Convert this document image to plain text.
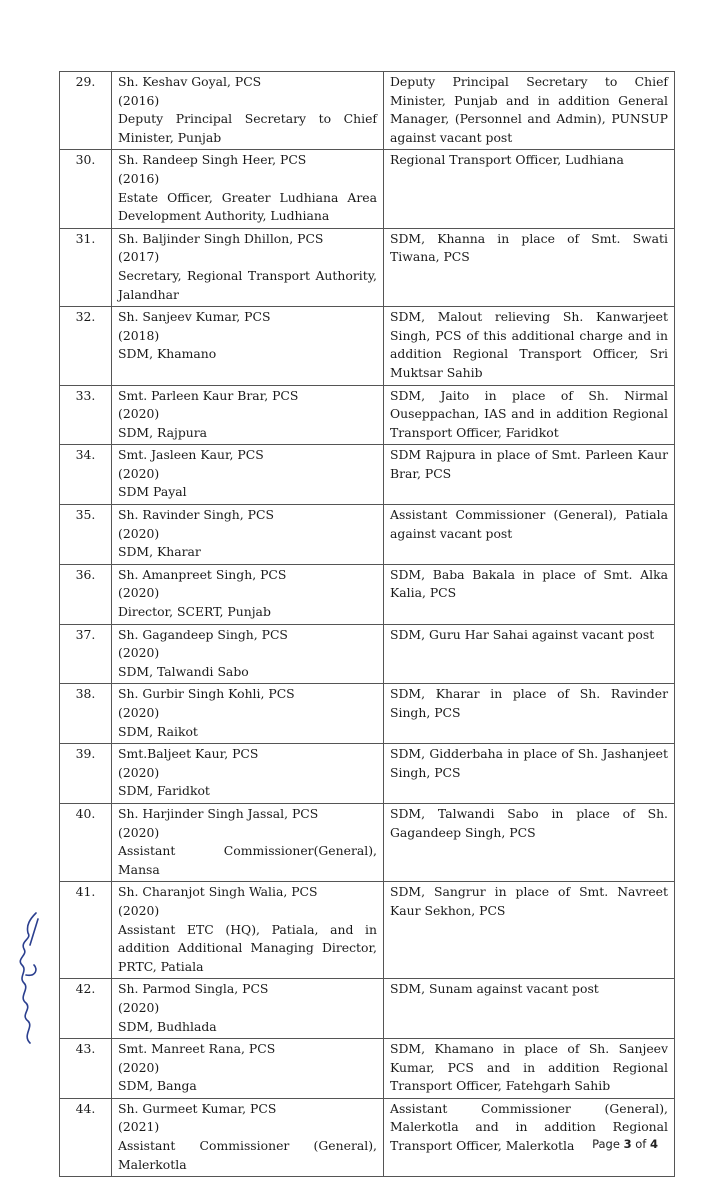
29.	Sh. Keshav Goyal, PCS
(2016)
Deputy Principal Secretary to Chief Minister, Punjab	Deputy Principal Secretary to Chief Minister, Punjab and in addition General Manager, (Personnel and Admin), PUNSUP against vacant post
30.	Sh. Randeep Singh Heer, PCS
(2016)
Estate Officer, Greater Ludhiana Area Development Authority, Ludhiana	Regional Transport Officer, Ludhiana
31.	Sh. Baljinder Singh Dhillon, PCS
(2017)
Secretary, Regional Transport Authority, Jalandhar	SDM, Khanna in place of Smt. Swati Tiwana, PCS
32.	Sh. Sanjeev Kumar, PCS
(2018)
SDM, Khamano	SDM, Malout relieving Sh. Kanwarjeet Singh, PCS of this additional charge and in addition Regional Transport Officer, Sri Muktsar Sahib
33.	Smt. Parleen Kaur Brar, PCS
(2020)
SDM, Rajpura	SDM, Jaito in place of Sh. Nirmal Ouseppachan, IAS and in addition Regional Transport Officer, Faridkot
34.	Smt. Jasleen Kaur, PCS
(2020)
SDM Payal	SDM Rajpura in place of Smt. Parleen Kaur Brar, PCS
35.	Sh. Ravinder Singh, PCS
(2020)
SDM, Kharar	Assistant Commissioner (General), Patiala against vacant post
36.	Sh. Amanpreet Singh, PCS
(2020)
Director, SCERT, Punjab	SDM, Baba Bakala in place of Smt. Alka Kalia, PCS
37.	Sh. Gagandeep Singh, PCS
(2020)
SDM, Talwandi Sabo	SDM, Guru Har Sahai against vacant post
38.	Sh. Gurbir Singh Kohli, PCS
(2020)
SDM, Raikot	SDM, Kharar in place of Sh. Ravinder Singh, PCS
39.	Smt.Baljeet Kaur, PCS
(2020)
SDM, Faridkot	SDM, Gidderbaha in place of Sh. Jashanjeet Singh, PCS
40.	Sh. Harjinder Singh Jassal, PCS
(2020)
Assistant Commissioner(General), Mansa	SDM, Talwandi Sabo in place of Sh. Gagandeep Singh, PCS
41.	Sh. Charanjot Singh Walia, PCS
(2020)
Assistant ETC (HQ), Patiala, and in addition Additional Managing Director, PRTC, Patiala	SDM, Sangrur in place of Smt. Navreet Kaur Sekhon, PCS
42.	Sh. Parmod Singla, PCS
(2020)
SDM, Budhlada	SDM, Sunam against vacant post
43.	Smt. Manreet Rana, PCS
(2020)
SDM, Banga	SDM, Khamano in place of Sh. Sanjeev Kumar, PCS and in addition Regional Transport Officer, Fatehgarh Sahib
44.	Sh. Gurmeet Kumar, PCS
(2021)
Assistant Commissioner (General), Malerkotla	Assistant Commissioner (General), Malerkotla and in addition Regional Transport Officer, Malerkotla Page 3 of 4
